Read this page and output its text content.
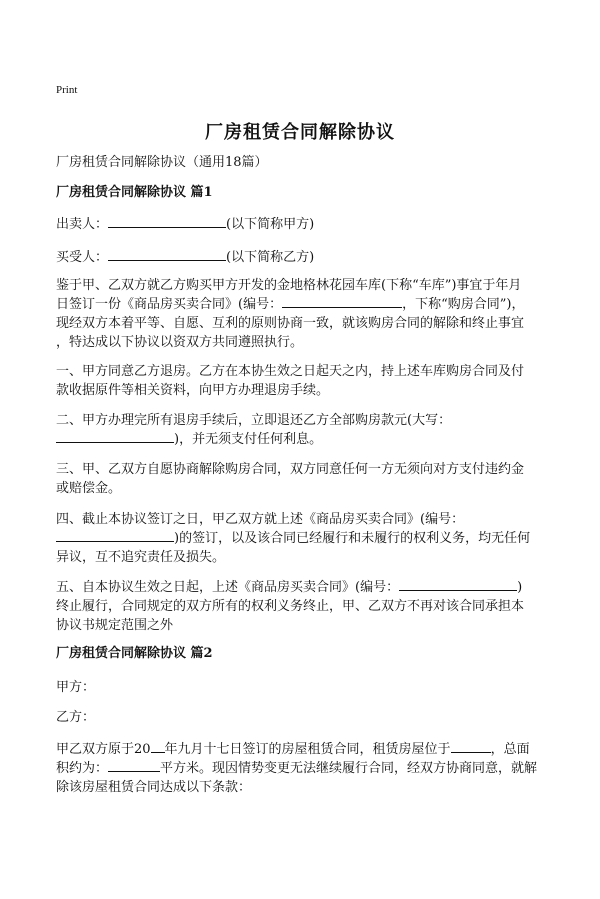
Print
厂房租赁合同解除协议
厂房租赁合同解除协议（通用18篇）
厂房租赁合同解除协议 篇1
出卖人：	(以下简称甲方)
买受人：	(以下简称乙方)
鉴于甲、乙双方就乙方购买甲方开发的金地格林花园车库(下称“车库”)事宜于年月
日签订一份《商品房买卖合同》(编号：	，下称“购房合同”)，
现经双方本着平等、自愿、互利的原则协商一致，就该购房合同的解除和终止事宜
，特达成以下协议以资双方共同遵照执行。
一、甲方同意乙方退房。乙方在本协生效之日起天之内，持上述车库购房合同及付
款收据原件等相关资料，向甲方办理退房手续。
二、甲方办理完所有退房手续后，立即退还乙方全部购房款元(大写：
)，并无须支付任何利息。
三、甲、乙双方自愿协商解除购房合同，双方同意任何一方无须向对方支付违约金
或赔偿金。
四、截止本协议签订之日，甲乙双方就上述《商品房买卖合同》(编号：
)的签订，以及该合同已经履行和未履行的权利义务，均无任何
异议，互不追究责任及损失。
五、自本协议生效之日起，上述《商品房买卖合同》(编号：	)
终止履行，合同规定的双方所有的权利义务终止，甲、乙双方不再对该合同承担本
协议书规定范围之外
厂房租赁合同解除协议 篇2
甲方：
乙方：
甲乙双方原于20 年九月十七日签订的房屋租赁合同，租赁房屋位于	，总面
积约为：	平方米。现因情势变更无法继续履行合同，经双方协商同意，就解
除该房屋租赁合同达成以下条款：
